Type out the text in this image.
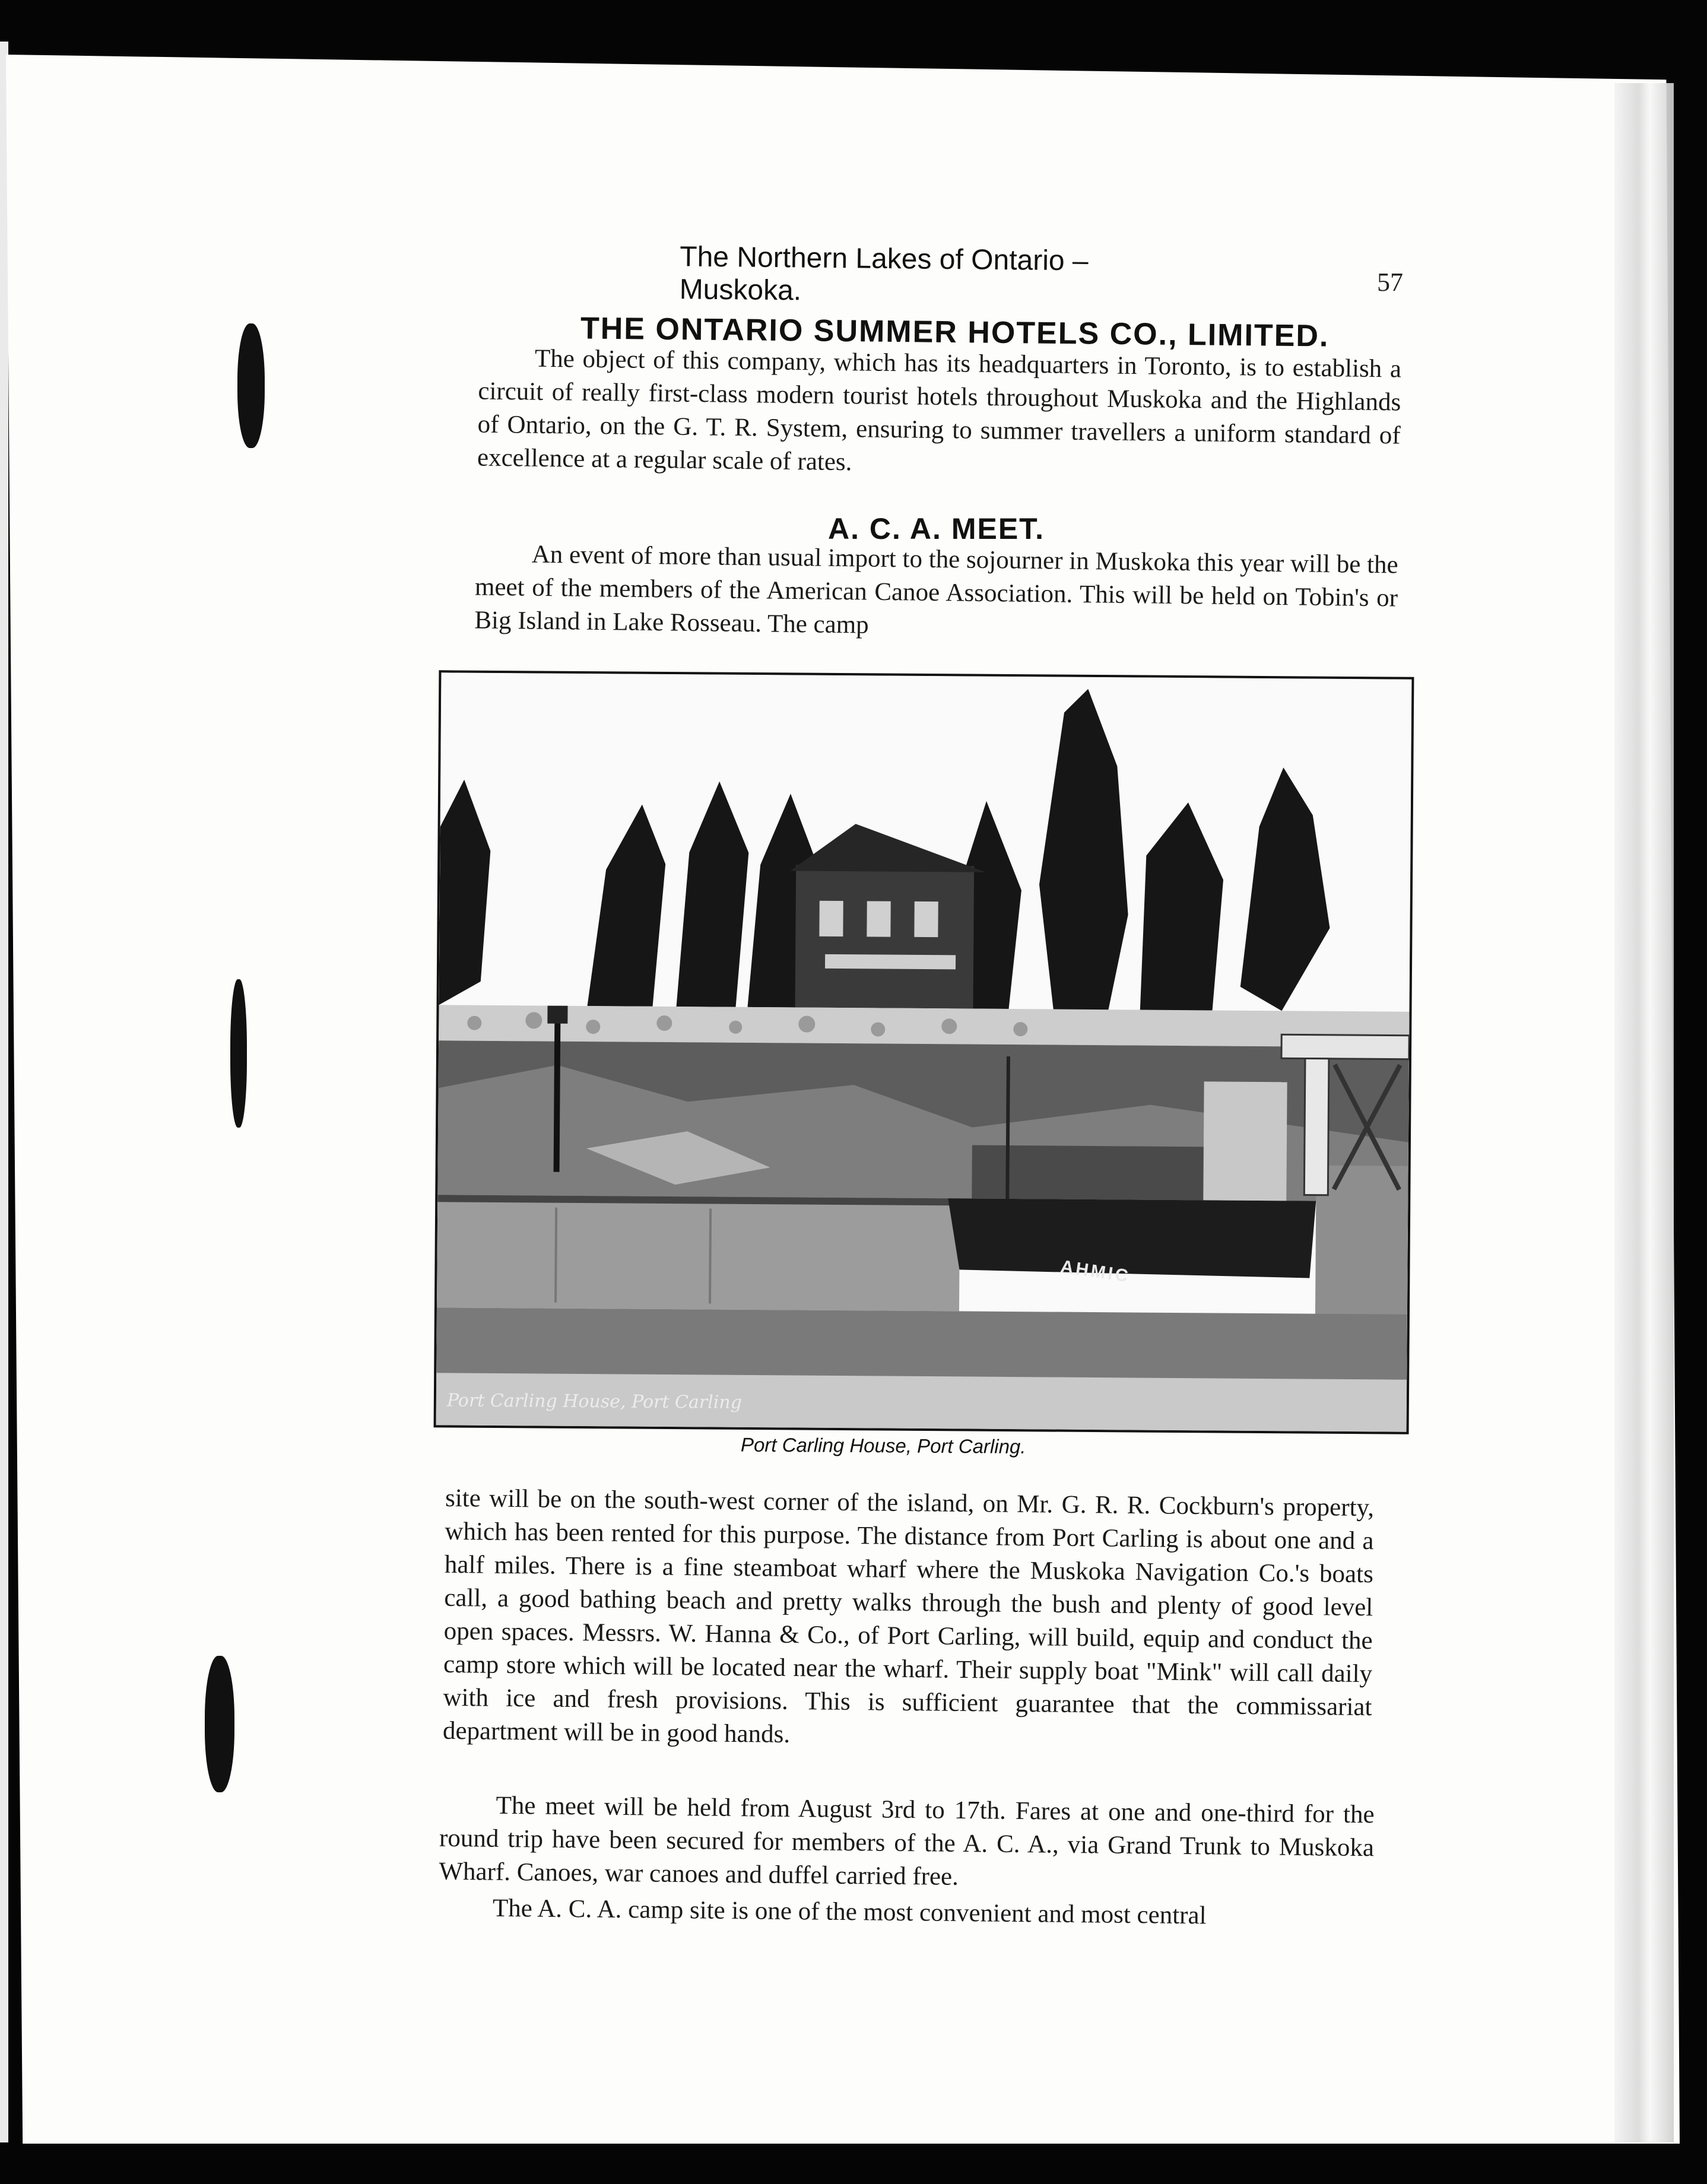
The Northern Lakes of Ontario – Muskoka.	57
THE ONTARIO SUMMER HOTELS CO., LIMITED.

The object of this company, which has its headquarters in Toronto, is to establish a circuit of really first-class modern tourist hotels throughout Muskoka and the Highlands of Ontario, on the G. T. R. System, ensuring to summer travellers a uniform standard of excellence at a regular scale of rates.

A. C. A. MEET.

An event of more than usual import to the sojourner in Muskoka this year will be the meet of the members of the American Canoe Association. This will be held on Tobin's or Big Island in Lake Rosseau. The camp

AHMIC
Port Carling House, Port Carling
Port Carling House, Port Carling.

site will be on the south-west corner of the island, on Mr. G. R. R. Cockburn's property, which has been rented for this purpose. The distance from Port Carling is about one and a half miles. There is a fine steamboat wharf where the Muskoka Navigation Co.'s boats call, a good bathing beach and pretty walks through the bush and plenty of good level open spaces. Messrs. W. Hanna & Co., of Port Carling, will build, equip and conduct the camp store which will be located near the wharf. Their supply boat "Mink" will call daily with ice and fresh provisions. This is sufficient guarantee that the commissariat department will be in good hands.

The meet will be held from August 3rd to 17th. Fares at one and one-third for the round trip have been secured for members of the A. C. A., via Grand Trunk to Muskoka Wharf. Canoes, war canoes and duffel carried free.

The A. C. A. camp site is one of the most convenient and most central
